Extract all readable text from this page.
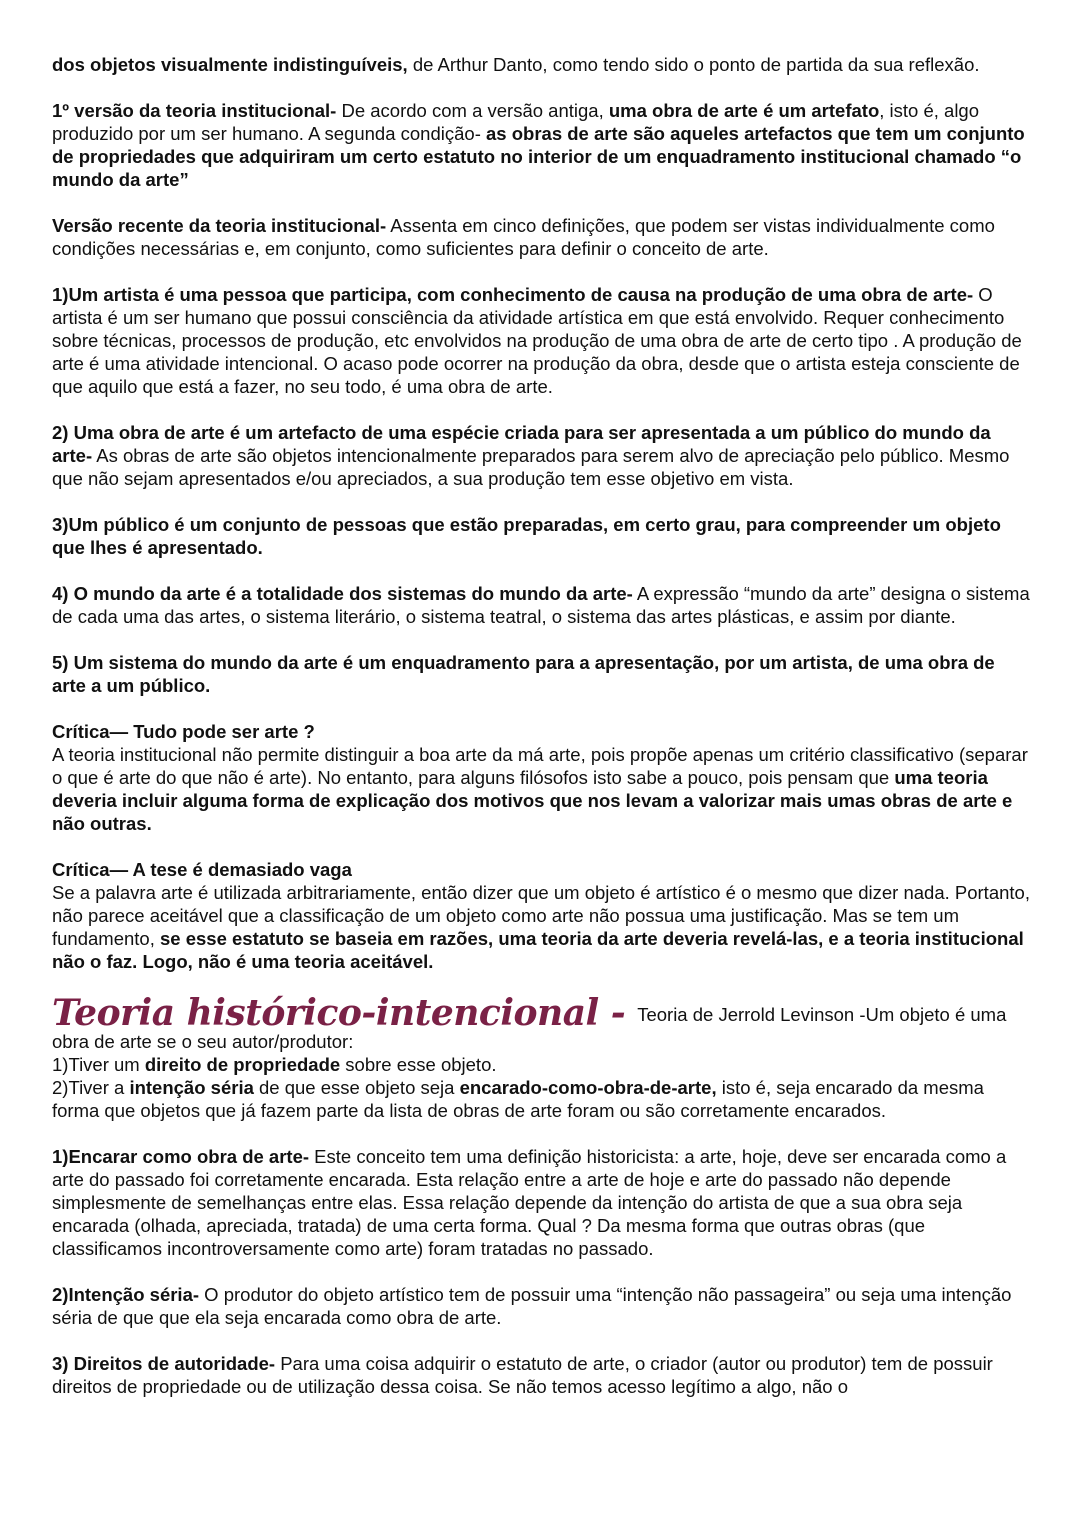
dos objetos visualmente indistinguíveis, de Arthur Danto, como tendo sido o ponto de partida da sua reflexão.

1º versão da teoria institucional- De acordo com a versão antiga, uma obra de arte é um artefato, isto é, algo produzido por um ser humano. A segunda condição- as obras de arte são aqueles artefactos que tem um conjunto de propriedades que adquiriram um certo estatuto no interior de um enquadramento institucional chamado “o mundo da arte”

Versão recente da teoria institucional- Assenta em cinco definições, que podem ser vistas individualmente como condições necessárias e, em conjunto, como suficientes para definir o conceito de arte.

1)Um artista é uma pessoa que participa, com conhecimento de causa na produção de uma obra de arte- O artista é um ser humano que possui consciência da atividade artística em que está envolvido. Requer conhecimento sobre técnicas, processos de produção, etc envolvidos na produção de uma obra de arte de certo tipo . A produção de arte é uma atividade intencional. O acaso pode ocorrer na produção da obra, desde que o artista esteja consciente de que aquilo que está a fazer, no seu todo, é uma obra de arte.

2) Uma obra de arte é um artefacto de uma espécie criada para ser apresentada a um público do mundo da arte- As obras de arte são objetos intencionalmente preparados para serem alvo de apreciação pelo público. Mesmo que não sejam apresentados e/ou apreciados, a sua produção tem esse objetivo em vista.

3)Um público é um conjunto de pessoas que estão preparadas, em certo grau, para compreender um objeto que lhes é apresentado.

4) O mundo da arte é a totalidade dos sistemas do mundo da arte- A expressão “mundo da arte” designa o sistema de cada uma das artes, o sistema literário, o sistema teatral, o sistema das artes plásticas, e assim por diante.

5) Um sistema do mundo da arte é um enquadramento para a apresentação, por um artista, de uma obra de arte a um público.

Crítica— Tudo pode ser arte ?
A teoria institucional não permite distinguir a boa arte da má arte, pois propõe apenas um critério classificativo (separar o que é arte do que não é arte). No entanto, para alguns filósofos isto sabe a pouco, pois pensam que uma teoria deveria incluir alguma forma de explicação dos motivos que nos levam a valorizar mais umas obras de arte e não outras.

Crítica— A tese é demasiado vaga
Se a palavra arte é utilizada arbitrariamente, então dizer que um objeto é artístico é o mesmo que dizer nada. Portanto, não parece aceitável que a classificação de um objeto como arte não possua uma justificação. Mas se tem um fundamento, se esse estatuto se baseia em razões, uma teoria da arte deveria revelá-las, e a teoria institucional não o faz. Logo, não é uma teoria aceitável.

Teoria histórico-intencional - Teoria de Jerrold Levinson -Um objeto é uma obra de arte se o seu autor/produtor:
1)Tiver um direito de propriedade sobre esse objeto.
2)Tiver a intenção séria de que esse objeto seja encarado-como-obra-de-arte, isto é, seja encarado da mesma forma que objetos que já fazem parte da lista de obras de arte foram ou são corretamente encarados.

1)Encarar como obra de arte- Este conceito tem uma definição historicista: a arte, hoje, deve ser encarada como a arte do passado foi corretamente encarada. Esta relação entre a arte de hoje e arte do passado não depende simplesmente de semelhanças entre elas. Essa relação depende da intenção do artista de que a sua obra seja encarada (olhada, apreciada, tratada) de uma certa forma. Qual ? Da mesma forma que outras obras (que classificamos incontroversamente como arte) foram tratadas no passado.

2)Intenção séria- O produtor do objeto artístico tem de possuir uma “intenção não passageira” ou seja uma intenção séria de que que ela seja encarada como obra de arte.

3) Direitos de autoridade- Para uma coisa adquirir o estatuto de arte, o criador (autor ou produtor) tem de possuir direitos de propriedade ou de utilização dessa coisa. Se não temos acesso legítimo a algo, não o
